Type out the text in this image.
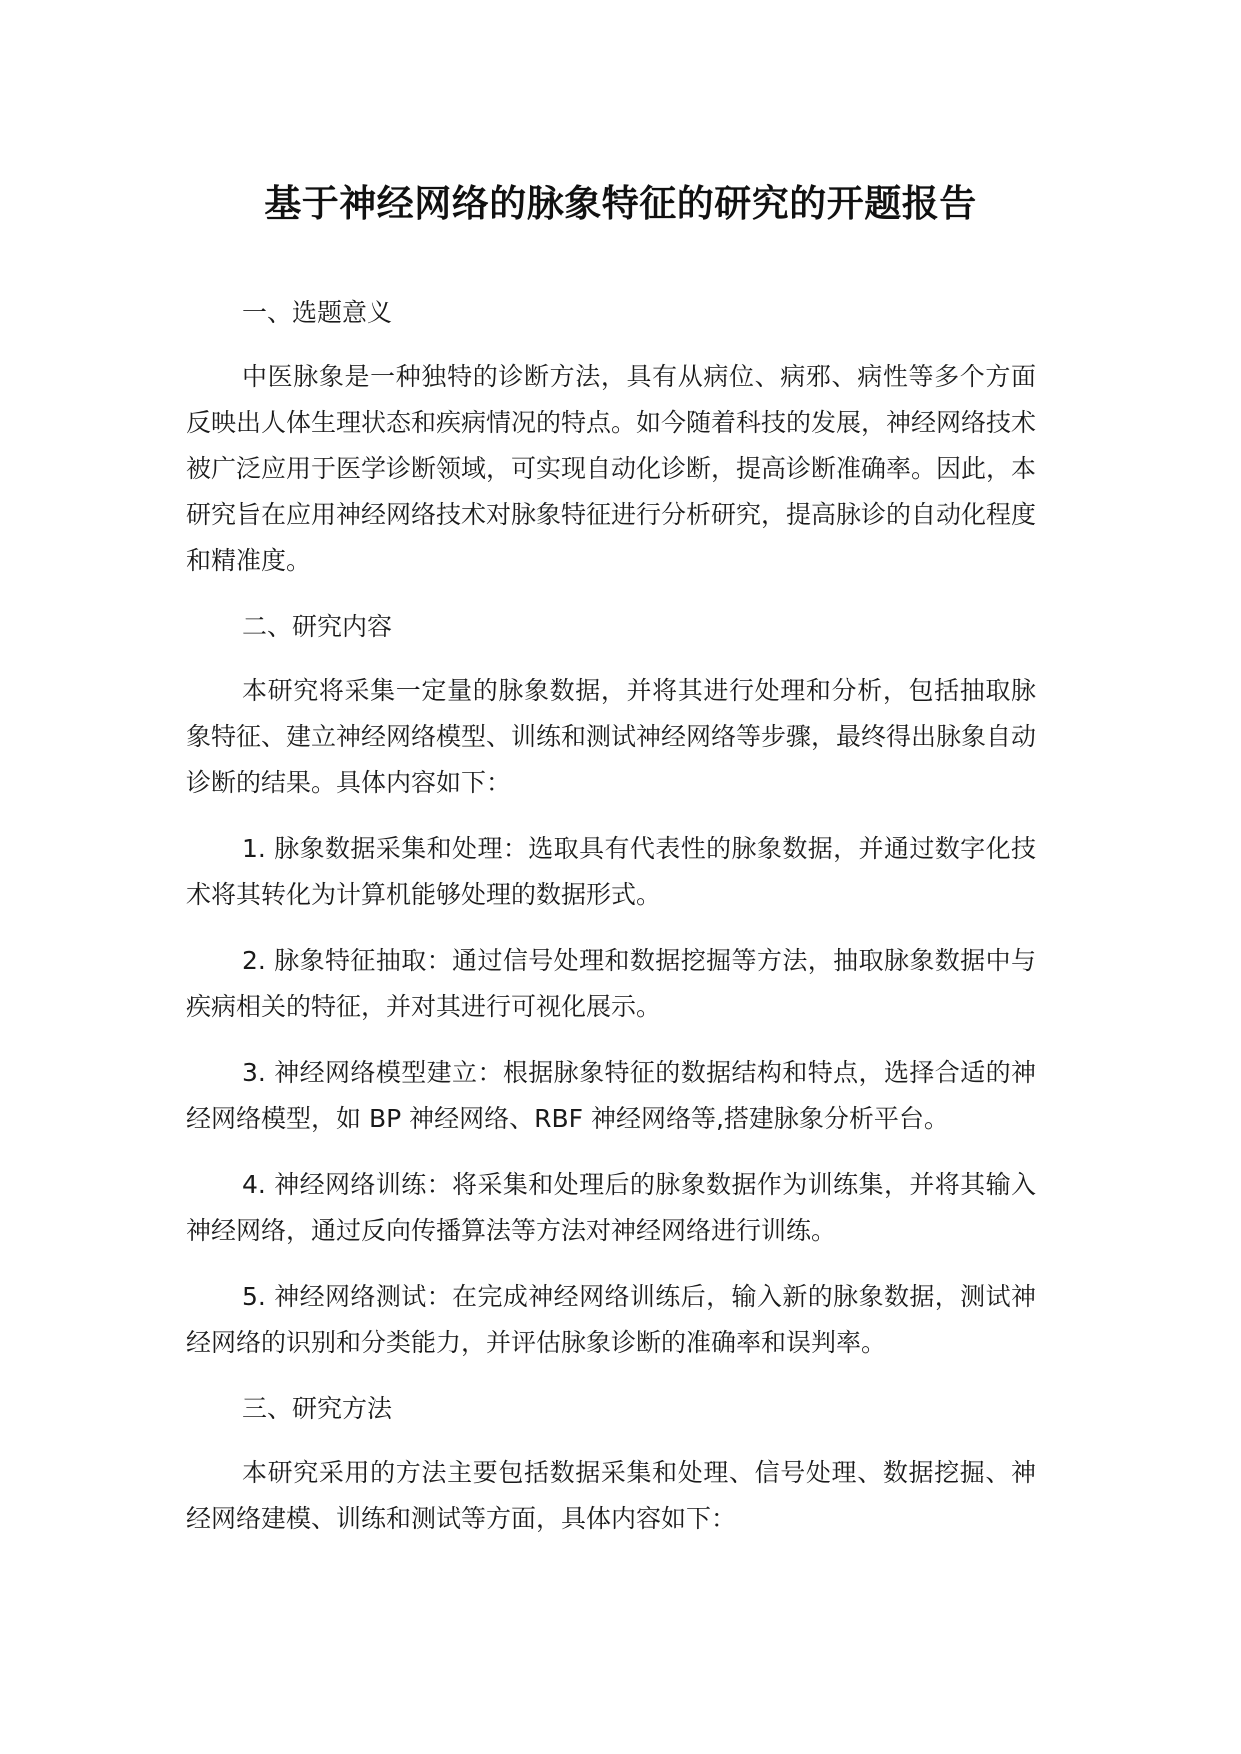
基于神经网络的脉象特征的研究的开题报告

一、选题意义

中医脉象是一种独特的诊断方法，具有从病位、病邪、病性等多个方面反映出人体生理状态和疾病情况的特点。如今随着科技的发展，神经网络技术被广泛应用于医学诊断领域，可实现自动化诊断，提高诊断准确率。因此，本研究旨在应用神经网络技术对脉象特征进行分析研究，提高脉诊的自动化程度和精准度。

二、研究内容

本研究将采集一定量的脉象数据，并将其进行处理和分析，包括抽取脉象特征、建立神经网络模型、训练和测试神经网络等步骤，最终得出脉象自动诊断的结果。具体内容如下：

1. 脉象数据采集和处理：选取具有代表性的脉象数据，并通过数字化技术将其转化为计算机能够处理的数据形式。

2. 脉象特征抽取：通过信号处理和数据挖掘等方法，抽取脉象数据中与疾病相关的特征，并对其进行可视化展示。

3. 神经网络模型建立：根据脉象特征的数据结构和特点，选择合适的神经网络模型，如 BP 神经网络、RBF 神经网络等,搭建脉象分析平台。

4. 神经网络训练：将采集和处理后的脉象数据作为训练集，并将其输入神经网络，通过反向传播算法等方法对神经网络进行训练。

5. 神经网络测试：在完成神经网络训练后，输入新的脉象数据，测试神经网络的识别和分类能力，并评估脉象诊断的准确率和误判率。

三、研究方法

本研究采用的方法主要包括数据采集和处理、信号处理、数据挖掘、神经网络建模、训练和测试等方面，具体内容如下：
